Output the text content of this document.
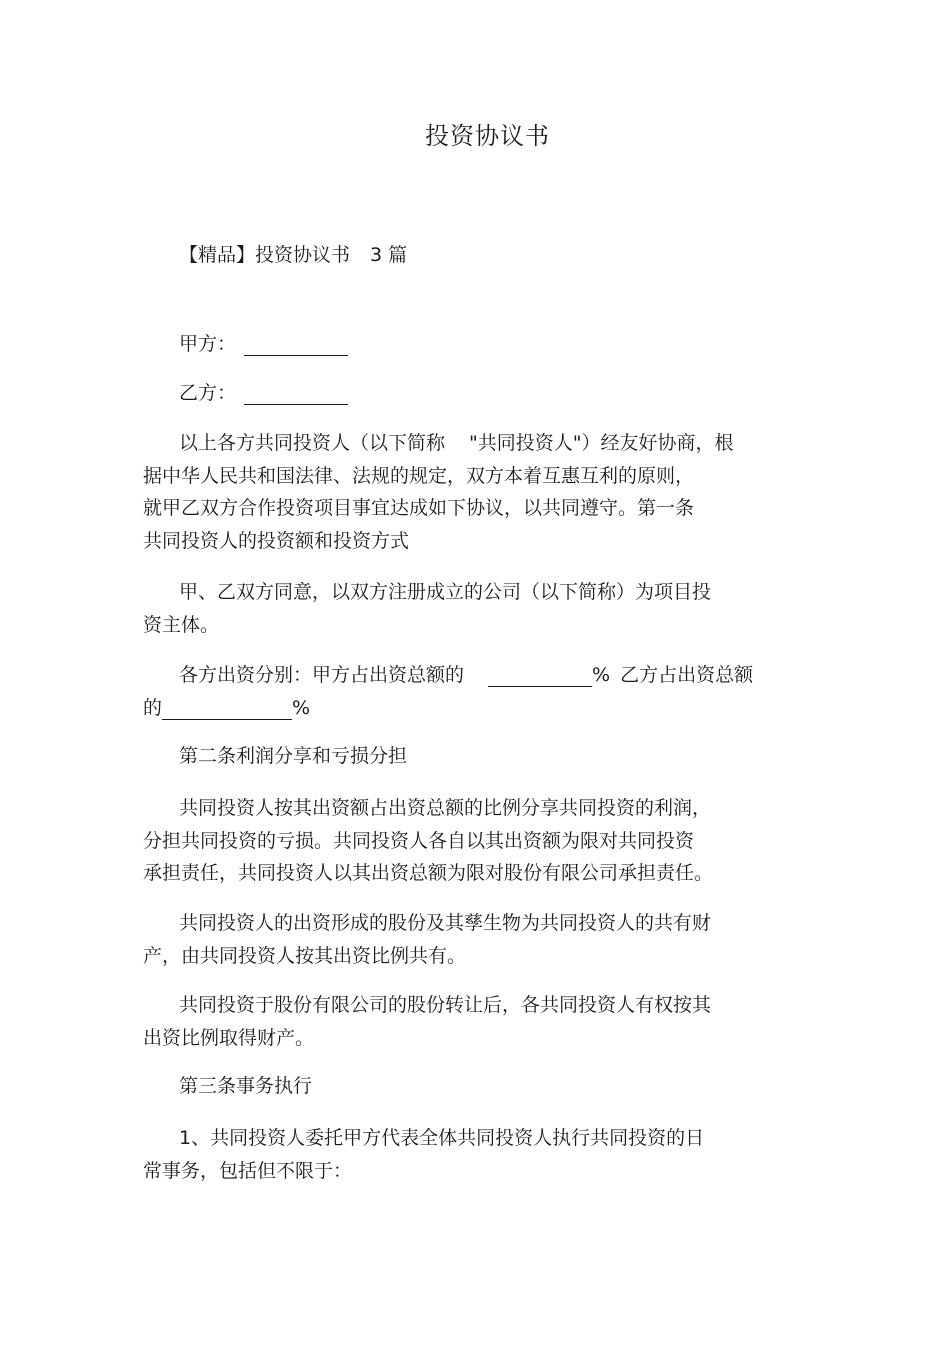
投资协议书

【精品】投资协议书 3 篇

甲方：

乙方：

以上各方共同投资人（以下简称 "共同投资人"）经友好协商，根
据中华人民共和国法律、法规的规定，双方本着互惠互利的原则，
就甲乙双方合作投资项目事宜达成如下协议，以共同遵守。第一条
共同投资人的投资额和投资方式
甲、乙双方同意，以双方注册成立的公司（以下简称）为项目投
资主体。
各方出资分别：甲方占出资总额的	% 乙方占出资总额
的	%

第二条利润分享和亏损分担

共同投资人按其出资额占出资总额的比例分享共同投资的利润，
分担共同投资的亏损。共同投资人各自以其出资额为限对共同投资
承担责任，共同投资人以其出资总额为限对股份有限公司承担责任。
共同投资人的出资形成的股份及其孳生物为共同投资人的共有财
产，由共同投资人按其出资比例共有。
共同投资于股份有限公司的股份转让后，各共同投资人有权按其
出资比例取得财产。

第三条事务执行

1、共同投资人委托甲方代表全体共同投资人执行共同投资的日
常事务，包括但不限于：
